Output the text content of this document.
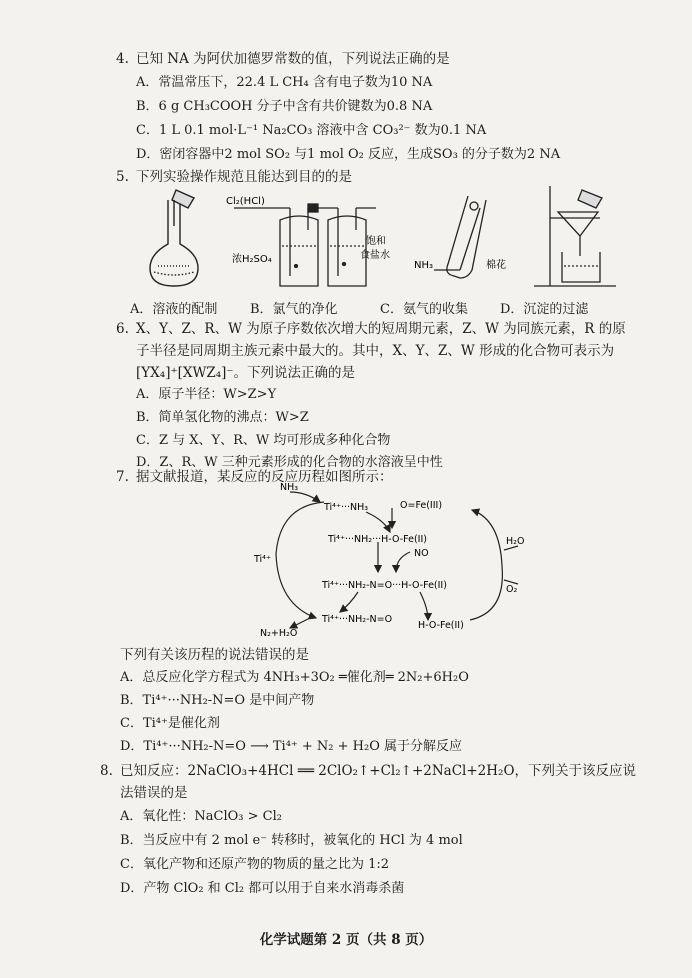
4. 已知 NA 为阿伏加德罗常数的值，下列说法正确的是
A．常温常压下，22.4 L CH₄ 含有电子数为10 NA
B．6 g CH₃COOH 分子中含有共价键数为0.8 NA
C．1 L 0.1 mol·L⁻¹ Na₂CO₃ 溶液中含 CO₃²⁻ 数为0.1 NA
D．密闭容器中2 mol SO₂ 与1 mol O₂ 反应，生成SO₃ 的分子数为2 NA
5. 下列实验操作规范且能达到目的的是
Cl₂(HCl)
浓H₂SO₄
饱和
食盐水
NH₃	棉花
A．溶液的配制	B．氯气的净化	C．氨气的收集 D．沉淀的过滤
6. X、Y、Z、R、W 为原子序数依次增大的短周期元素，Z、W 为同族元素，R 的原
子半径是同周期主族元素中最大的。其中，X、Y、Z、W 形成的化合物可表示为
[YX₄]⁺[XWZ₄]⁻。下列说法正确的是
A．原子半径：W>Z>Y
B．简单氢化物的沸点：W>Z
C．Z 与 X、Y、R、W 均可形成多种化合物
D．Z、R、W 三种元素形成的化合物的水溶液呈中性
7. 据文献报道，某反应的反应历程如图所示：
NH₃
Ti⁴⁺···NH₃	O=Fe(III)
Ti⁴⁺···NH₂···H-O-Fe(II)
NO
Ti⁴⁺
H₂O
O₂
Ti⁴⁺···NH₂-N=O···H-O-Fe(II)
Ti⁴⁺···NH₂-N=O
H-O-Fe(II)
N₂+H₂O
下列有关该历程的说法错误的是
A．总反应化学方程式为 4NH₃+3O₂ ═催化剂═ 2N₂+6H₂O
B．Ti⁴⁺···NH₂-N=O 是中间产物
C．Ti⁴⁺是催化剂
D．Ti⁴⁺···NH₂-N=O ⟶ Ti⁴⁺ + N₂ + H₂O 属于分解反应
8. 已知反应：2NaClO₃+4HCl ══ 2ClO₂↑+Cl₂↑+2NaCl+2H₂O，下列关于该反应说
法错误的是
A．氧化性：NaClO₃ > Cl₂
B．当反应中有 2 mol e⁻ 转移时，被氧化的 HCl 为 4 mol
C．氧化产物和还原产物的物质的量之比为 1:2
D．产物 ClO₂ 和 Cl₂ 都可以用于自来水消毒杀菌
化学试题第 2 页（共 8 页）
